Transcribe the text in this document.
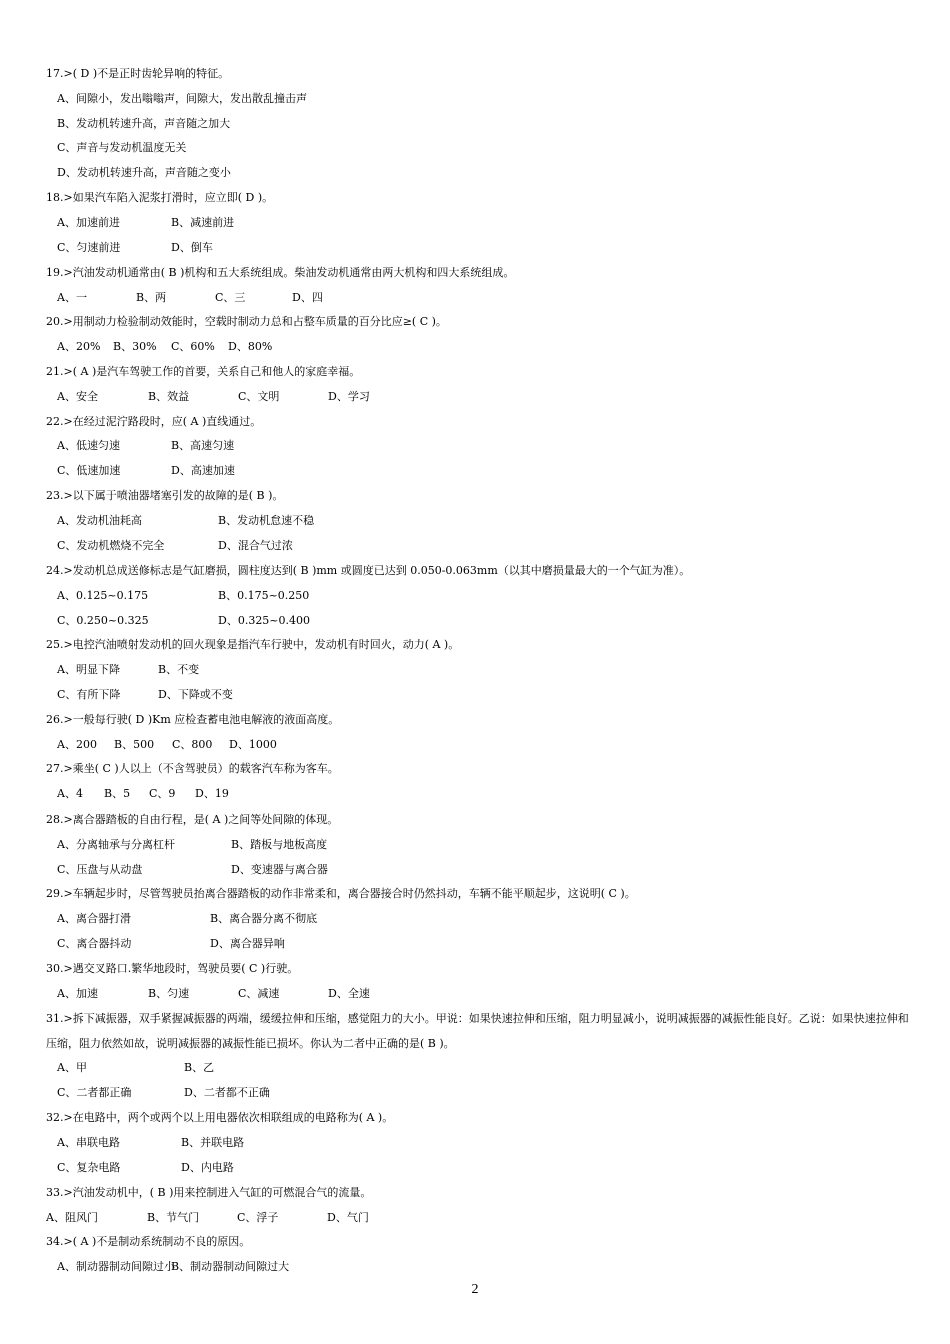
17.>( D )不是正时齿轮异响的特征。
A、间隙小，发出嗡嗡声，间隙大，发出散乱撞击声
B、发动机转速升高，声音随之加大
C、声音与发动机温度无关
D、发动机转速升高，声音随之变小
18.>如果汽车陷入泥浆打滑时，应立即( D )。
A、加速前进	B、减速前进
C、匀速前进	D、倒车
19.>汽油发动机通常由( B )机构和五大系统组成。柴油发动机通常由两大机构和四大系统组成。
A、一	B、两	C、三	D、四
20.>用制动力检验制动效能时，空载时制动力总和占整车质量的百分比应≥( C )。
A、20% B、30% C、60% D、80%
21.>( A )是汽车驾驶工作的首要，关系自己和他人的家庭幸福。
A、安全	B、效益	C、文明	D、学习
22.>在经过泥泞路段时，应( A )直线通过。
A、低速匀速	B、高速匀速
C、低速加速	D、高速加速
23.>以下属于喷油器堵塞引发的故障的是( B )。
A、发动机油耗高	B、发动机怠速不稳
C、发动机燃烧不完全	D、混合气过浓
24.>发动机总成送修标志是气缸磨损，圆柱度达到( B )mm 或圆度已达到 0.050-0.063mm（以其中磨损量最大的一个气缸为准）。
A、0.125~0.175	B、0.175~0.250
C、0.250~0.325	D、0.325~0.400
25.>电控汽油喷射发动机的回火现象是指汽车行驶中，发动机有时回火，动力( A )。
A、明显下降	B、不变
C、有所下降	D、下降或不变
26.>一般每行驶( D )Km 应检查蓄电池电解液的液面高度。
A、200 B、500 C、800 D、1000
27.>乘坐( C )人以上（不含驾驶员）的载客汽车称为客车。
A、4 B、5 C、9 D、19
28.>离合器踏板的自由行程，是( A )之间等处间隙的体现。
A、分离轴承与分离杠杆	B、踏板与地板高度
C、压盘与从动盘	D、变速器与离合器
29.>车辆起步时，尽管驾驶员抬离合器踏板的动作非常柔和，离合器接合时仍然抖动，车辆不能平顺起步，这说明( C )。
A、离合器打滑	B、离合器分离不彻底
C、离合器抖动	D、离合器异响
30.>遇交叉路口.繁华地段时，驾驶员要( C )行驶。
A、加速	B、匀速	C、减速	D、全速
31.>拆下减振器，双手紧握减振器的两端，缓缓拉伸和压缩，感觉阻力的大小。甲说：如果快速拉伸和压缩，阻力明显减小，说明减振器的减振性能良好。乙说：如果快速拉伸和压缩，阻力依然如故，说明减振器的减振性能已损坏。你认为二者中正确的是( B )。
A、甲	B、乙
C、二者都正确	D、二者都不正确
32.>在电路中，两个或两个以上用电器依次相联组成的电路称为( A )。
A、串联电路	B、并联电路
C、复杂电路	D、内电路
33.>汽油发动机中，( B )用来控制进入气缸的可燃混合气的流量。
A、阻风门	B、节气门	C、浮子	D、气门
34.>( A )不是制动系统制动不良的原因。
A、制动器制动间隙过小
B、制动器制动间隙过大
2
